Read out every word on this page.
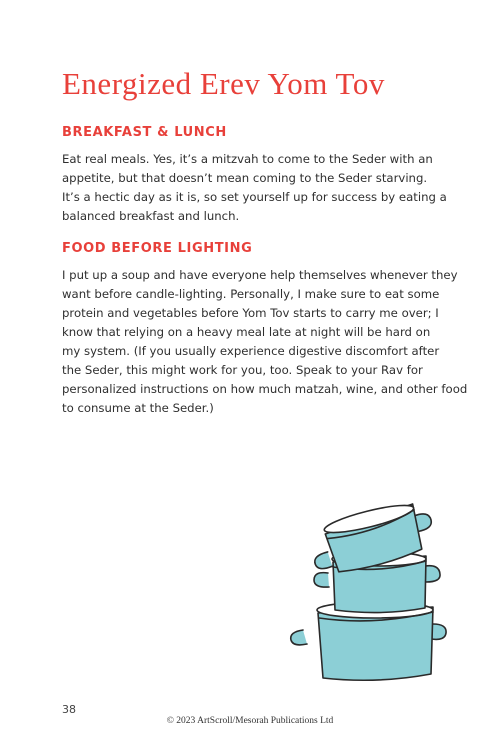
Energized Erev Yom Tov
BREAKFAST & LUNCH
Eat real meals. Yes, it’s a mitzvah to come to the Seder with an
appetite, but that doesn’t mean coming to the Seder starving.
It’s a hectic day as it is, so set yourself up for success by eating a
balanced breakfast and lunch.
FOOD BEFORE LIGHTING
I put up a soup and have everyone help themselves whenever they
want before candle-lighting. Personally, I make sure to eat some
protein and vegetables before Yom Tov starts to carry me over; I
know that relying on a heavy meal late at night will be hard on
my system. (If you usually experience digestive discomfort after
the Seder, this might work for you, too. Speak to your Rav for
personalized instructions on how much matzah, wine, and other food
to consume at the Seder.)
38
© 2023 ArtScroll/Mesorah Publications Ltd
